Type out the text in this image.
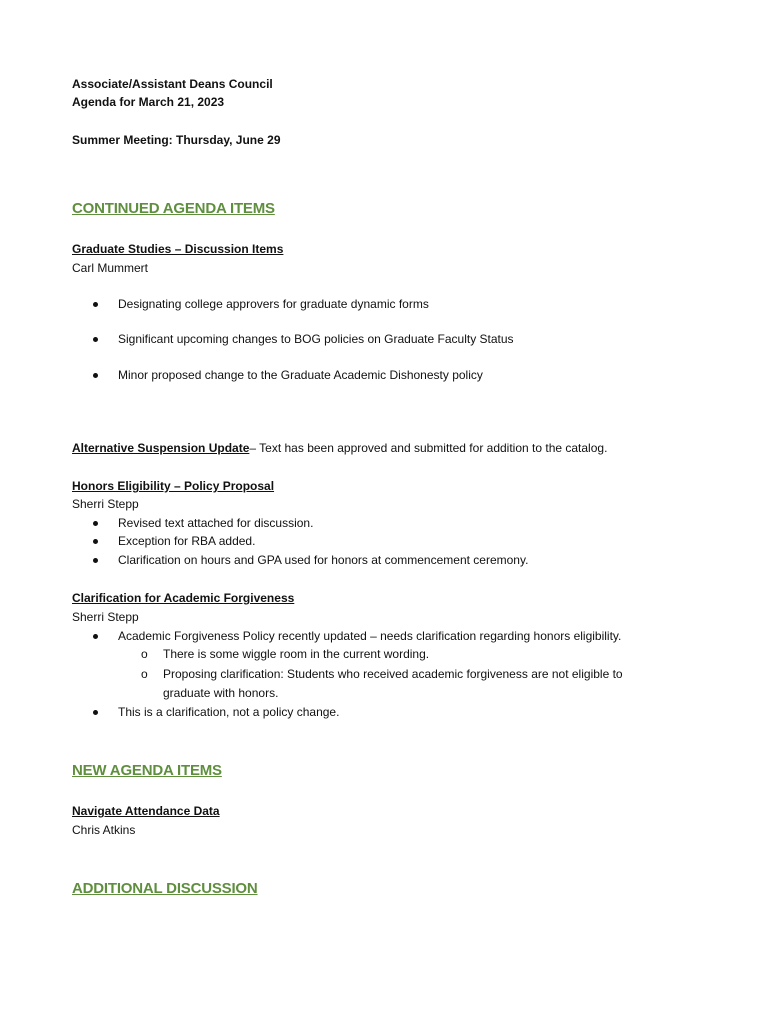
Associate/Assistant Deans Council
Agenda for March 21, 2023
Summer Meeting: Thursday, June 29
CONTINUED AGENDA ITEMS
Graduate Studies – Discussion Items
Carl Mummert
Designating college approvers for graduate dynamic forms
Significant upcoming changes to BOG policies on Graduate Faculty Status
Minor proposed change to the Graduate Academic Dishonesty policy
Alternative Suspension Update– Text has been approved and submitted for addition to the catalog.
Honors Eligibility – Policy Proposal
Sherri Stepp
Revised text attached for discussion.
Exception for RBA added.
Clarification on hours and GPA used for honors at commencement ceremony.
Clarification for Academic Forgiveness
Sherri Stepp
Academic Forgiveness Policy recently updated – needs clarification regarding honors eligibility.
o There is some wiggle room in the current wording.
o Proposing clarification: Students who received academic forgiveness are not eligible to
graduate with honors.
This is a clarification, not a policy change.
NEW AGENDA ITEMS
Navigate Attendance Data
Chris Atkins
ADDITIONAL DISCUSSION
